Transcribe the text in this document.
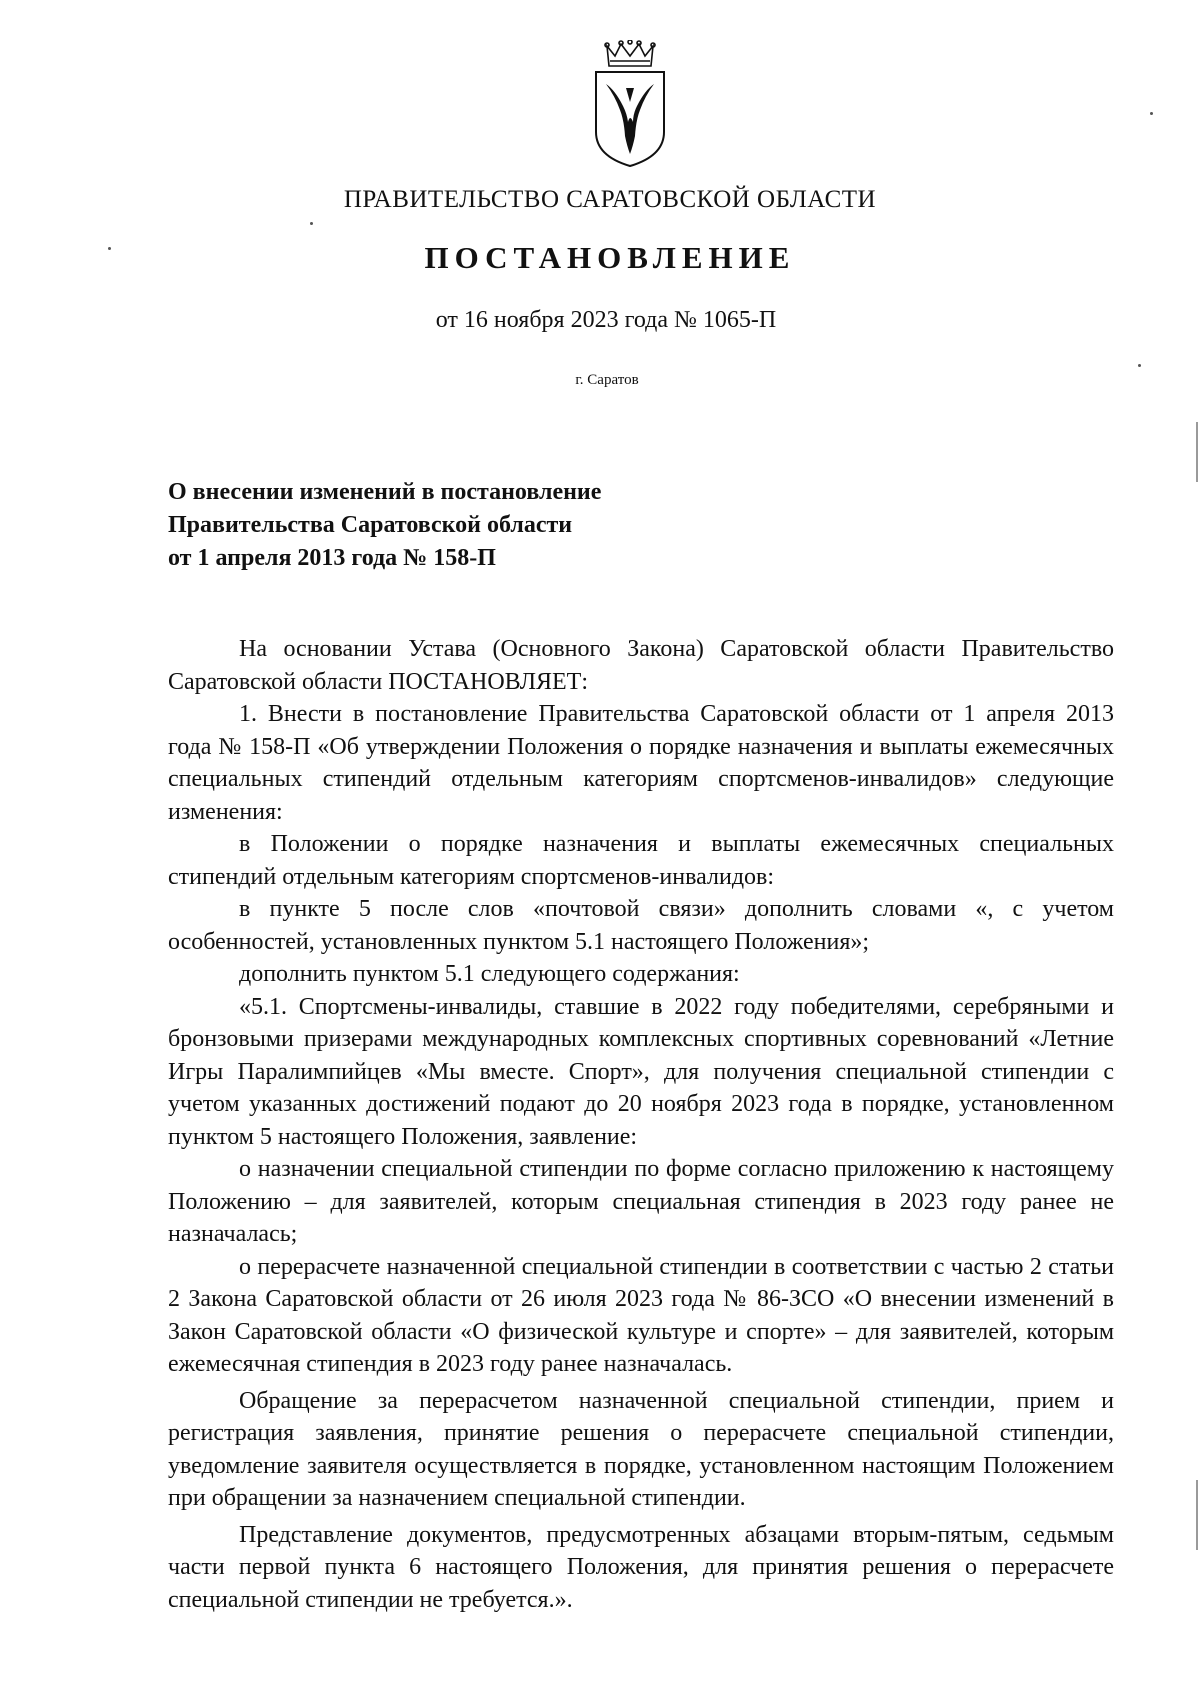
ПРАВИТЕЛЬСТВО САРАТОВСКОЙ ОБЛАСТИ
ПОСТАНОВЛЕНИЕ
от 16 ноября 2023 года № 1065-П
г. Саратов
О внесении изменений в постановление
Правительства Саратовской области
от 1 апреля 2013 года № 158-П

На основании Устава (Основного Закона) Саратовской области Правительство Саратовской области ПОСТАНОВЛЯЕТ:

1. Внести в постановление Правительства Саратовской области от 1 апреля 2013 года № 158-П «Об утверждении Положения о порядке назначения и выплаты ежемесячных специальных стипендий отдельным категориям спортсменов-инвалидов» следующие изменения:

в Положении о порядке назначения и выплаты ежемесячных специальных стипендий отдельным категориям спортсменов-инвалидов:

в пункте 5 после слов «почтовой связи» дополнить словами «, с учетом особенностей, установленных пунктом 5.1 настоящего Положения»;

дополнить пунктом 5.1 следующего содержания:

«5.1. Спортсмены-инвалиды, ставшие в 2022 году победителями, серебряными и бронзовыми призерами международных комплексных спортивных соревнований «Летние Игры Паралимпийцев «Мы вместе. Спорт», для получения специальной стипендии с учетом указанных достижений подают до 20 ноября 2023 года в порядке, установленном пунктом 5 настоящего Положения, заявление:

о назначении специальной стипендии по форме согласно приложению к настоящему Положению – для заявителей, которым специальная стипендия в 2023 году ранее не назначалась;

о перерасчете назначенной специальной стипендии в соответствии с частью 2 статьи 2 Закона Саратовской области от 26 июля 2023 года № 86-ЗСО «О внесении изменений в Закон Саратовской области «О физической культуре и спорте» – для заявителей, которым ежемесячная стипендия в 2023 году ранее назначалась.

Обращение за перерасчетом назначенной специальной стипендии, прием и регистрация заявления, принятие решения о перерасчете специальной стипендии, уведомление заявителя осуществляется в порядке, установленном настоящим Положением при обращении за назначением специальной стипендии.

Представление документов, предусмотренных абзацами вторым-пятым, седьмым части первой пункта 6 настоящего Положения, для принятия решения о перерасчете специальной стипендии не требуется.».
